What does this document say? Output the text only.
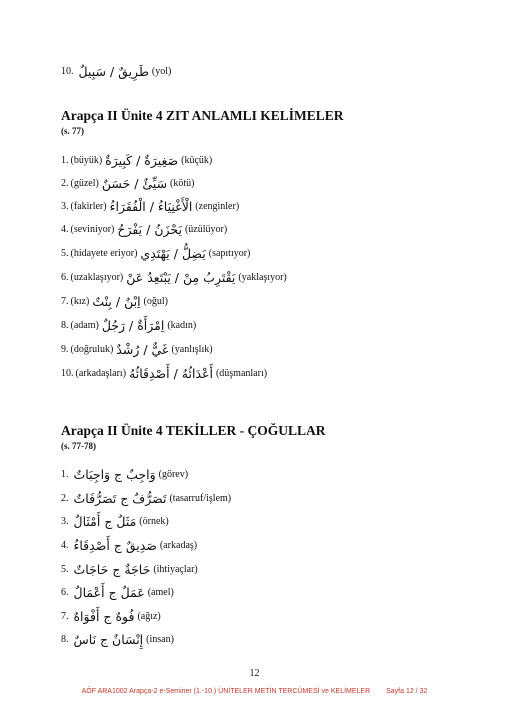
10. طَرِيقٌ / سَبِيلٌ (yol)
Arapça II Ünite 4 ZIT ANLAMLI KELİMELER
(s. 77)
1. (büyük) صَغِيرَةٌ / كَبِيرَةٌ (küçük)
2. (güzel) سَيِّئٌ / حَسَنٌ (kötü)
3. (fakirler) الْأَغْنِيَاءُ / الْفُقَرَاءُ (zenginler)
4. (seviniyor) يَحْزَنُ / يَفْرَحُ (üzülüyor)
5. (hidayete eriyor) يَضِلُّ / يَهْتَدِي (sapıtıyor)
6. (uzaklaşıyor) يَقْتَرِبُ مِنْ / يَبْتَعِدُ عَنْ (yaklaşıyor)
7. (kız) اِبْنٌ / بِنْتٌ (oğul)
8. (adam) اِمْرَأَةٌ / رَجُلٌ (kadın)
9. (doğruluk) غَيٌّ / رُشْدٌ (yanlışlık)
10. (arkadaşları) أَعْدَائُهُ / أَصْدِقَائُهُ (düşmanları)
Arapça II Ünite 4 TEKİLLER - ÇOĞULLAR
(s. 77-78)
1. وَاجِبٌ ج وَاجِبَاتٌ (görev)
2. تَصَرُّفٌ ج تَصَرُّفَاتٌ (tasarruf/işlem)
3. مَثَلٌ ج أَمْثَالٌ (örnek)
4. صَدِيقٌ ج أَصْدِقَاءُ (arkadaş)
5. حَاجَةٌ ج حَاجَاتٌ (ihtiyaçlar)
6. عَمَلٌ ج أَعْمَالٌ (amel)
7. فُوهٌ ج أَفْوَاهٌ (ağız)
8. إِنْسَانٌ ج نَاسٌ (insan)
12
AÖF ARA1002 Arapça-2 e-Seminer (1.-10.) ÜNİTELER METİN TERCÜMESİ ve KELİMELER Sayfa 12 / 32
